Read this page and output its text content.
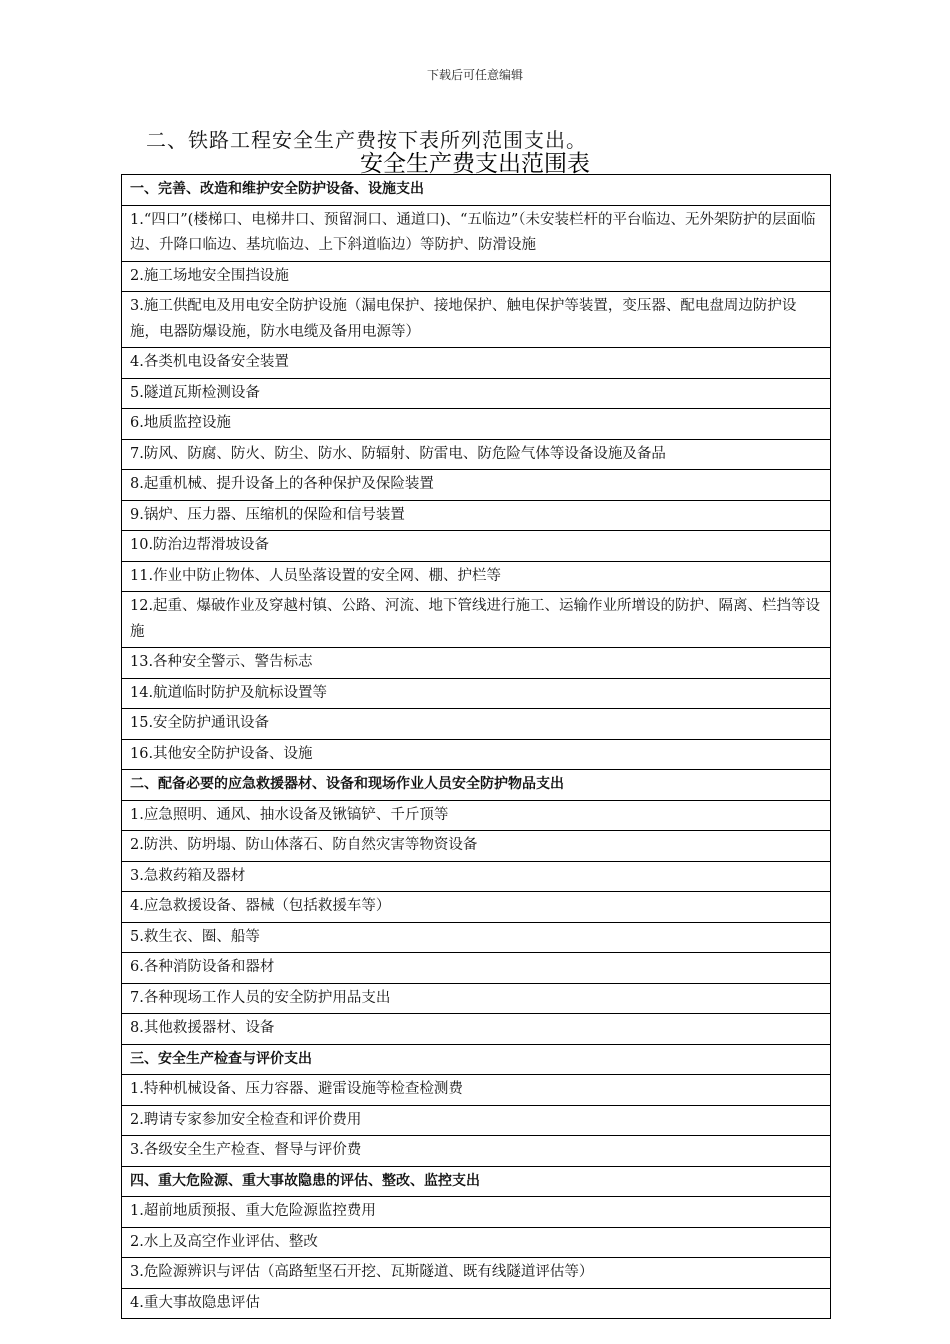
下载后可任意编辑
二、铁路工程安全生产费按下表所列范围支出。
安全生产费支出范围表
一、完善、改造和维护安全防护设备、设施支出
1.“四口”(楼梯口、电梯井口、预留洞口、通道口)、“五临边”（未安装栏杆的平台临边、无外架防护的层面临边、升降口临边、基坑临边、上下斜道临边）等防护、防滑设施
2.施工场地安全围挡设施
3.施工供配电及用电安全防护设施（漏电保护、接地保护、触电保护等装置，变压器、配电盘周边防护设施，电器防爆设施，防水电缆及备用电源等）
4.各类机电设备安全装置
5.隧道瓦斯检测设备
6.地质监控设施
7.防风、防腐、防火、防尘、防水、防辐射、防雷电、防危险气体等设备设施及备品
8.起重机械、提升设备上的各种保护及保险装置
9.锅炉、压力器、压缩机的保险和信号装置
10.防治边帮滑坡设备
11.作业中防止物体、人员坠落设置的安全网、棚、护栏等
12.起重、爆破作业及穿越村镇、公路、河流、地下管线进行施工、运输作业所增设的防护、隔离、栏挡等设施
13.各种安全警示、警告标志
14.航道临时防护及航标设置等
15.安全防护通讯设备
16.其他安全防护设备、设施
二、配备必要的应急救援器材、设备和现场作业人员安全防护物品支出
1.应急照明、通风、抽水设备及锹镐铲、千斤顶等
2.防洪、防坍塌、防山体落石、防自然灾害等物资设备
3.急救药箱及器材
4.应急救援设备、器械（包括救援车等）
5.救生衣、圈、船等
6.各种消防设备和器材
7.各种现场工作人员的安全防护用品支出
8.其他救援器材、设备
三、安全生产检查与评价支出
1.特种机械设备、压力容器、避雷设施等检查检测费
2.聘请专家参加安全检查和评价费用
3.各级安全生产检查、督导与评价费
四、重大危险源、重大事故隐患的评估、整改、监控支出
1.超前地质预报、重大危险源监控费用
2.水上及高空作业评估、整改
3.危险源辨识与评估（高路堑坚石开挖、瓦斯隧道、既有线隧道评估等）
4.重大事故隐患评估
